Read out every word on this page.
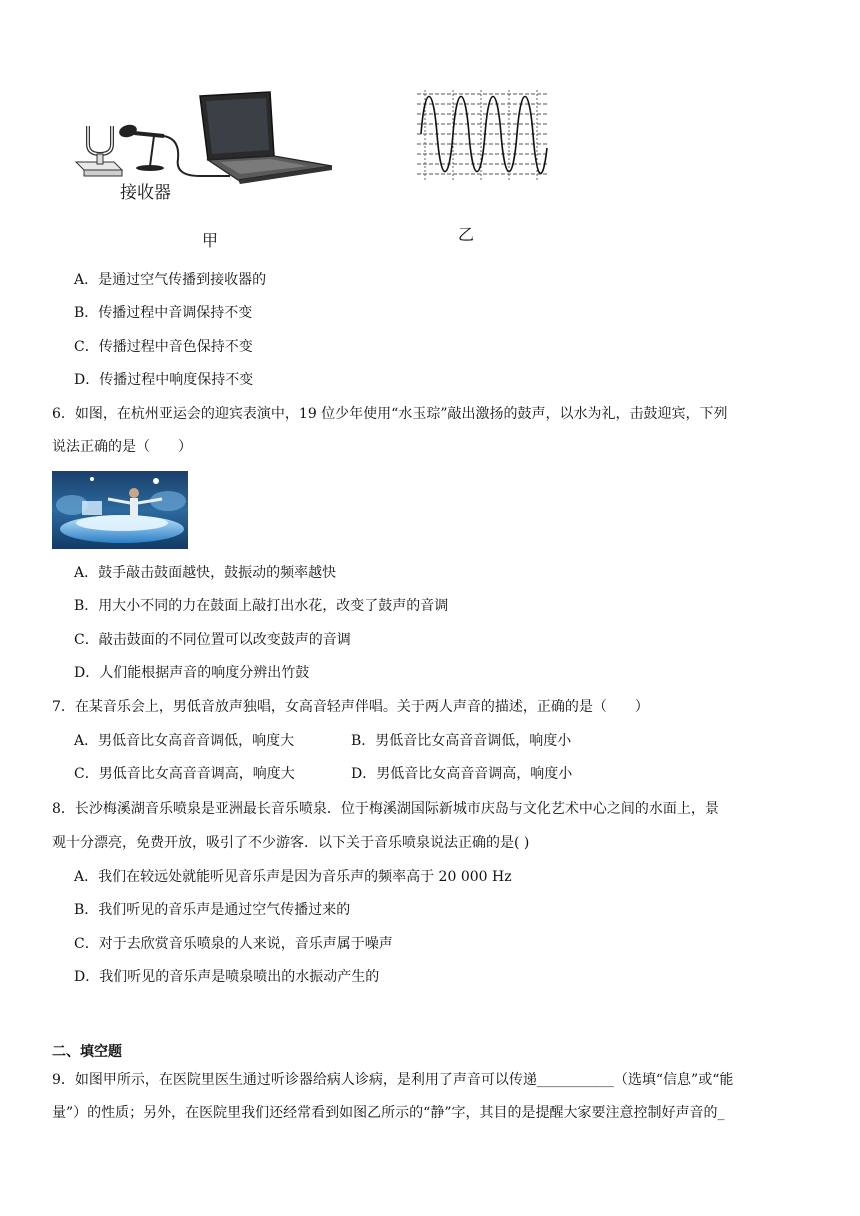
接收器
甲	乙
A．是通过空气传播到接收器的
B．传播过程中音调保持不变
C．传播过程中音色保持不变
D．传播过程中响度保持不变
6．如图，在杭州亚运会的迎宾表演中，19 位少年使用“水玉琮”敲出激扬的鼓声，以水为礼，击鼓迎宾，下列
说法正确的是（　　）
A．鼓手敲击鼓面越快，鼓振动的频率越快
B．用大小不同的力在鼓面上敲打出水花，改变了鼓声的音调
C．敲击鼓面的不同位置可以改变鼓声的音调
D．人们能根据声音的响度分辨出竹鼓
7．在某音乐会上，男低音放声独唱，女高音轻声伴唱。关于两人声音的描述，正确的是（　　）
A．男低音比女高音音调低，响度大	B．男低音比女高音音调低，响度小
C．男低音比女高音音调高，响度大	D．男低音比女高音音调高，响度小
8．长沙梅溪湖音乐喷泉是亚洲最长音乐喷泉．位于梅溪湖国际新城市庆岛与文化艺术中心之间的水面上，景
观十分漂亮，免费开放，吸引了不少游客．以下关于音乐喷泉说法正确的是( )
A．我们在较远处就能听见音乐声是因为音乐声的频率高于 20 000 Hz
B．我们听见的音乐声是通过空气传播过来的
C．对于去欣赏音乐喷泉的人来说，音乐声属于噪声
D．我们听见的音乐声是喷泉喷出的水振动产生的
二、填空题
9．如图甲所示，在医院里医生通过听诊器给病人诊病，是利用了声音可以传递___________（选填“信息”或“能
量”）的性质；另外，在医院里我们还经常看到如图乙所示的“静”字，其目的是提醒大家要注意控制好声音的_
